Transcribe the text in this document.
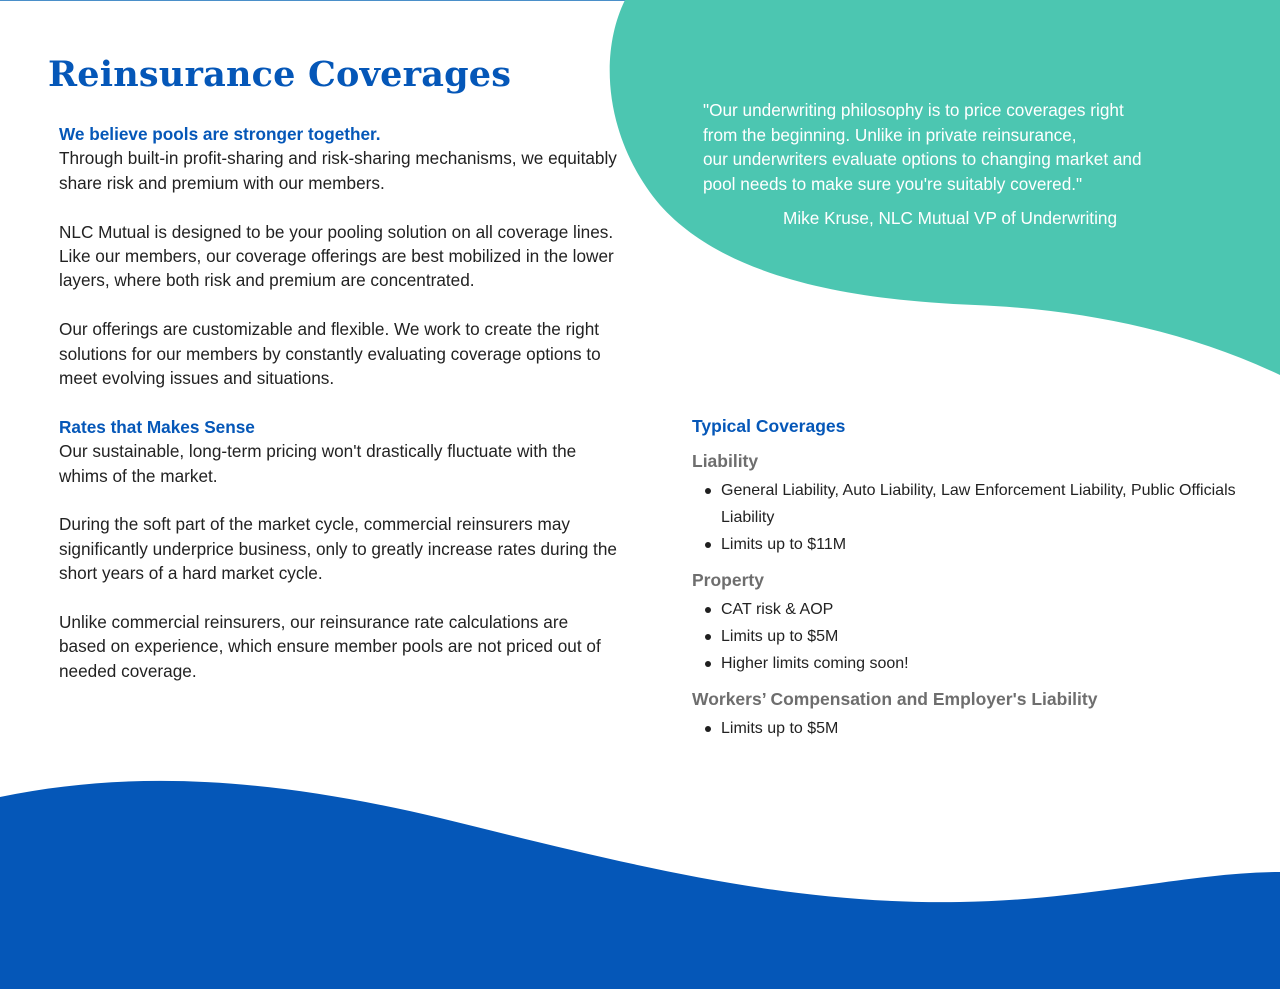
Reinsurance Coverages

We believe pools are stronger together.
Through built-in profit-sharing and risk-sharing mechanisms, we equitably share risk and premium with our members.

NLC Mutual is designed to be your pooling solution on all coverage lines. Like our members, our coverage offerings are best mobilized in the lower layers, where both risk and premium are concentrated.

Our offerings are customizable and flexible. We work to create the right solutions for our members by constantly evaluating coverage options to meet evolving issues and situations.

Rates that Makes Sense
Our sustainable, long-term pricing won't drastically fluctuate with the whims of the market.

During the soft part of the market cycle, commercial reinsurers may significantly underprice business, only to greatly increase rates during the short years of a hard market cycle.

Unlike commercial reinsurers, our reinsurance rate calculations are based on experience, which ensure member pools are not priced out of needed coverage.

"Our underwriting philosophy is to price coverages right
from the beginning. Unlike in private reinsurance,
our underwriters evaluate options to changing market and
pool needs to make sure you're suitably covered."
Mike Kruse, NLC Mutual VP of Underwriting
Typical Coverages
Liability
General Liability, Auto Liability, Law Enforcement Liability, Public Officials Liability
Limits up to $11M
Property
CAT risk & AOP
Limits up to $5M
Higher limits coming soon!
Workers’ Compensation and Employer's Liability
Limits up to $5M
